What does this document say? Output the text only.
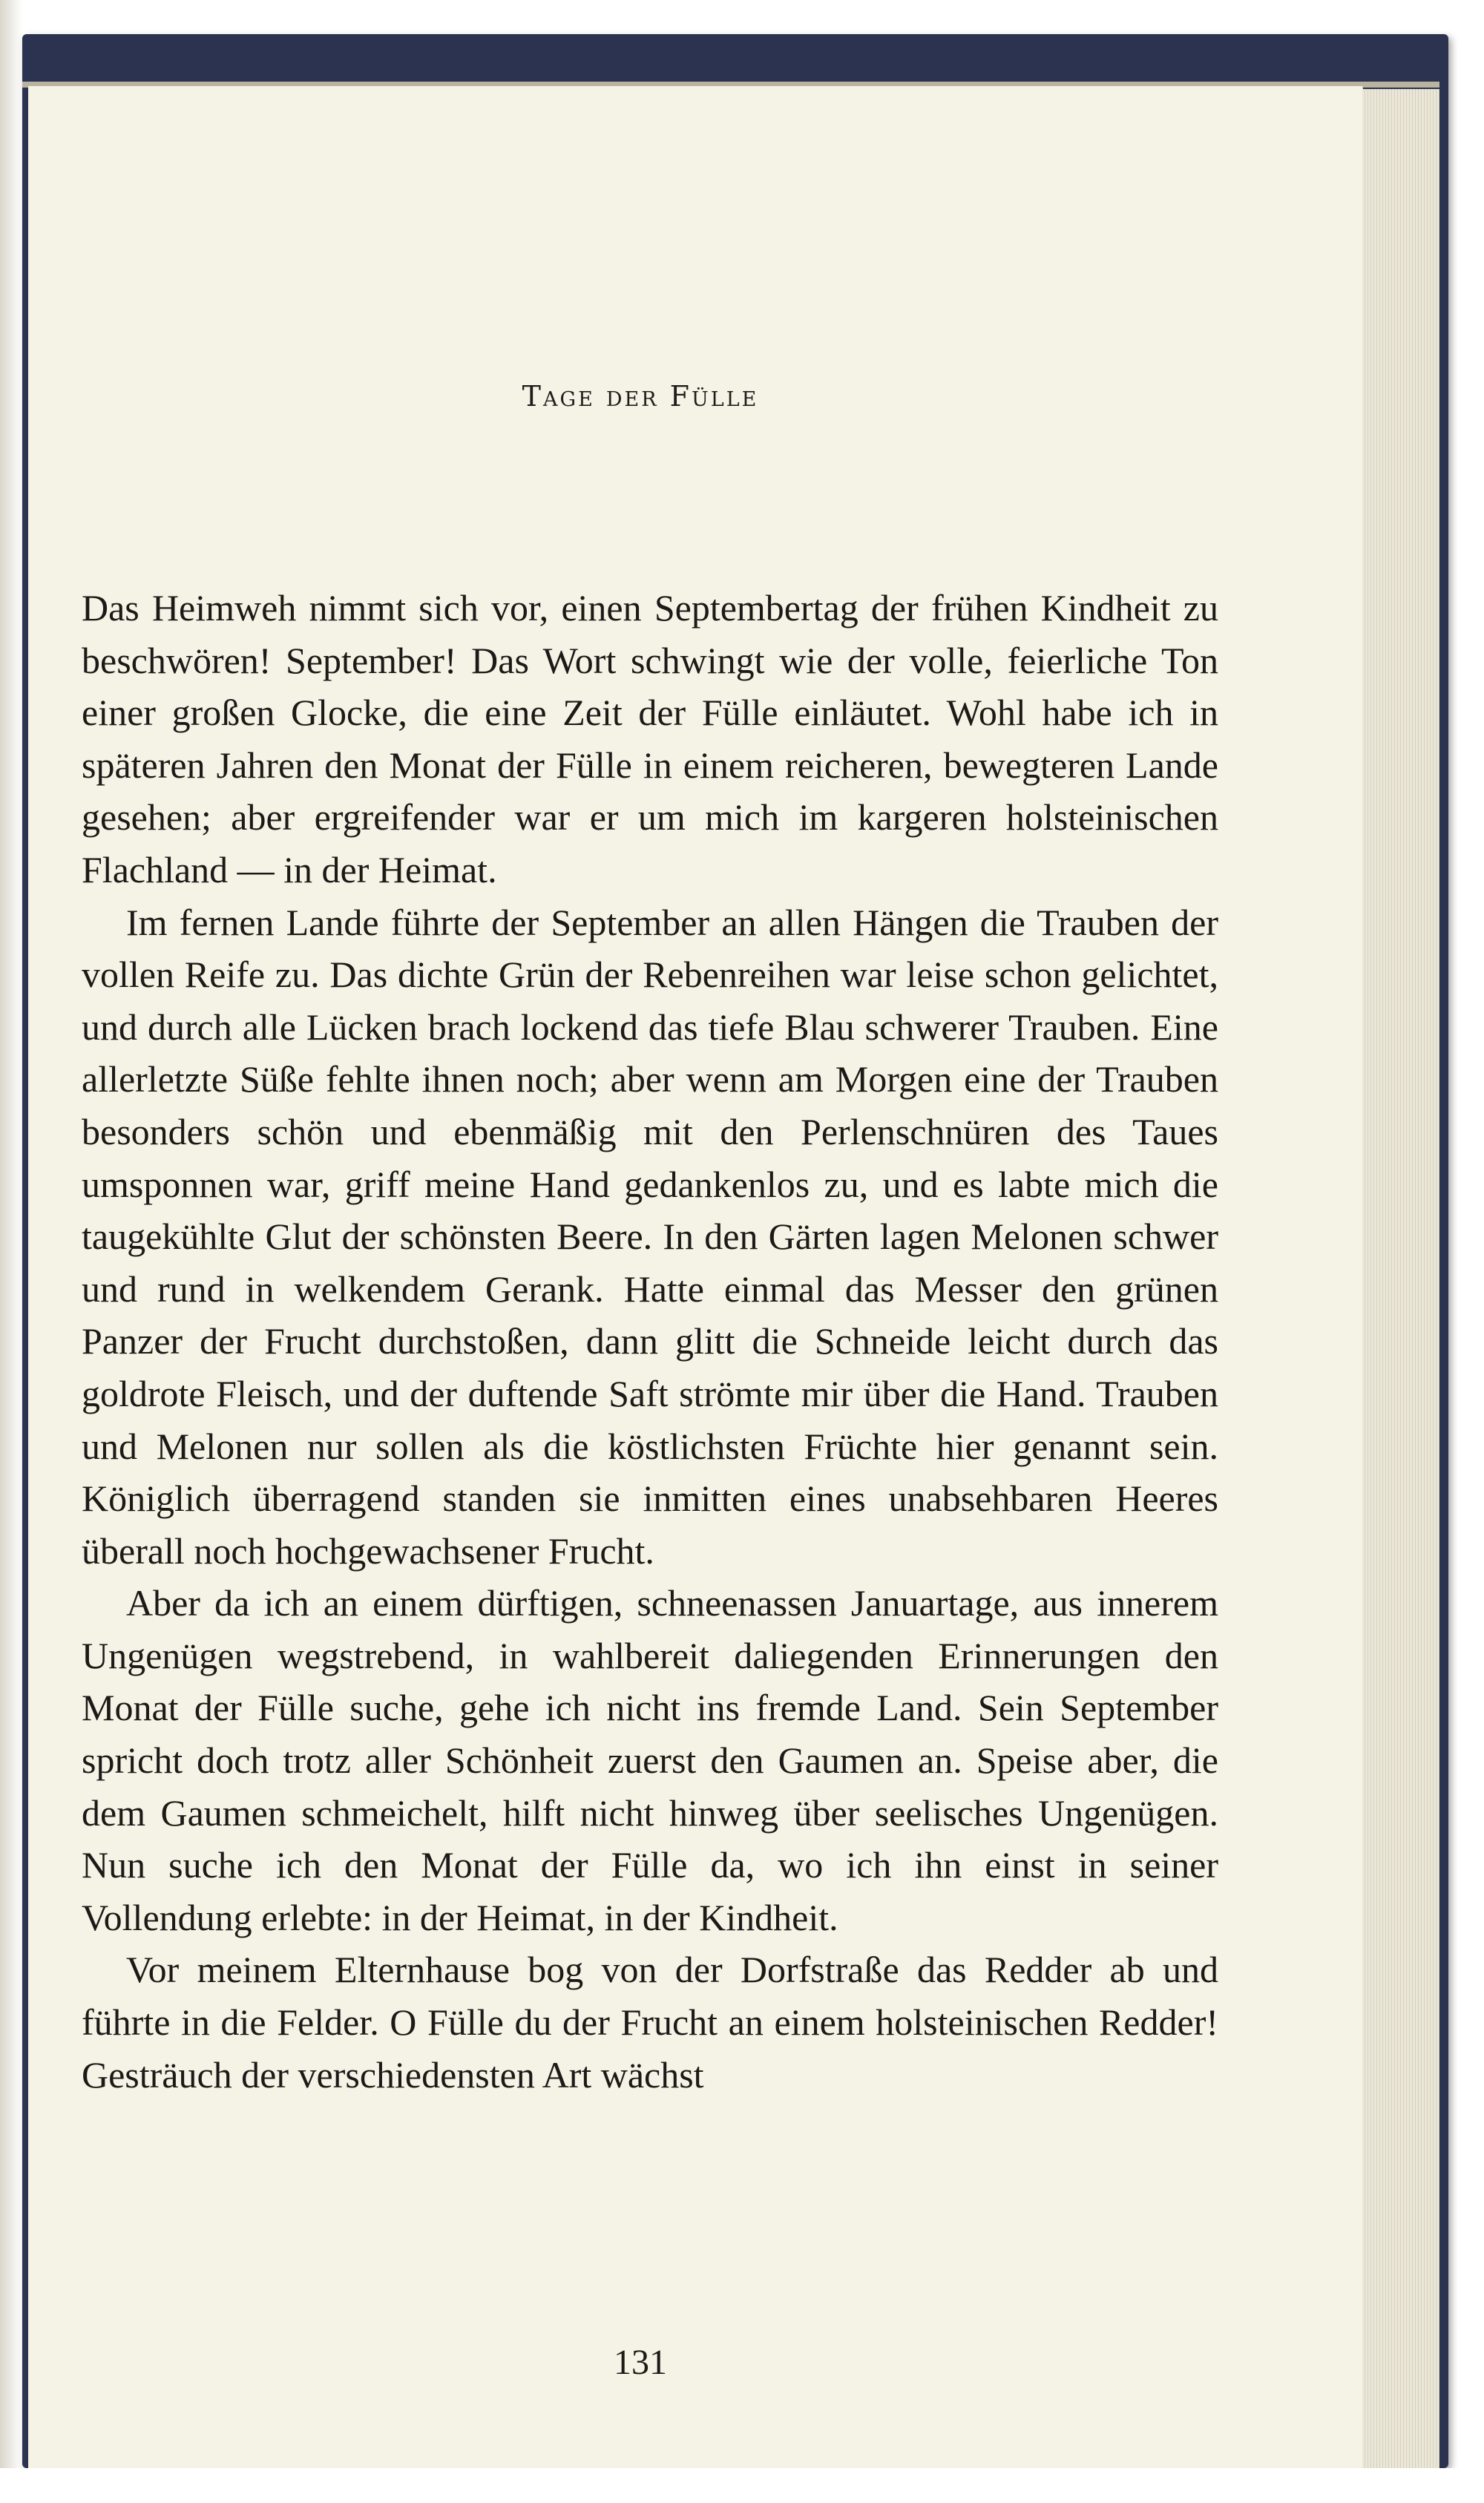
Tage der Fülle

Das Heimweh nimmt sich vor, einen Septembertag der frühen Kindheit zu beschwören! September! Das Wort schwingt wie der volle, feierliche Ton einer großen Glocke, die eine Zeit der Fülle einläutet. Wohl habe ich in späteren Jahren den Monat der Fülle in einem reicheren, bewegteren Lande gesehen; aber ergreifender war er um mich im kargeren holsteinischen Flachland — in der Heimat.

Im fernen Lande führte der September an allen Hängen die Trauben der vollen Reife zu. Das dichte Grün der Rebenreihen war leise schon gelichtet, und durch alle Lücken brach lockend das tiefe Blau schwerer Trauben. Eine allerletzte Süße fehlte ihnen noch; aber wenn am Morgen eine der Trauben besonders schön und ebenmäßig mit den Perlenschnüren des Taues umsponnen war, griff meine Hand gedankenlos zu, und es labte mich die taugekühlte Glut der schönsten Beere. In den Gärten lagen Melonen schwer und rund in welkendem Gerank. Hatte einmal das Messer den grünen Panzer der Frucht durchstoßen, dann glitt die Schneide leicht durch das goldrote Fleisch, und der duftende Saft strömte mir über die Hand. Trauben und Melonen nur sollen als die köstlichsten Früchte hier genannt sein. Königlich überragend standen sie inmitten eines unabsehbaren Heeres überall noch hochgewachsener Frucht.

Aber da ich an einem dürftigen, schneenassen Januartage, aus innerem Ungenügen wegstrebend, in wahlbereit daliegenden Erinnerungen den Monat der Fülle suche, gehe ich nicht ins fremde Land. Sein September spricht doch trotz aller Schönheit zuerst den Gaumen an. Speise aber, die dem Gaumen schmeichelt, hilft nicht hinweg über seelisches Ungenügen. Nun suche ich den Monat der Fülle da, wo ich ihn einst in seiner Vollendung erlebte: in der Heimat, in der Kindheit.

Vor meinem Elternhause bog von der Dorfstraße das Redder ab und führte in die Felder. O Fülle du der Frucht an einem holsteinischen Redder! Gesträuch der verschiedensten Art wächst

131
